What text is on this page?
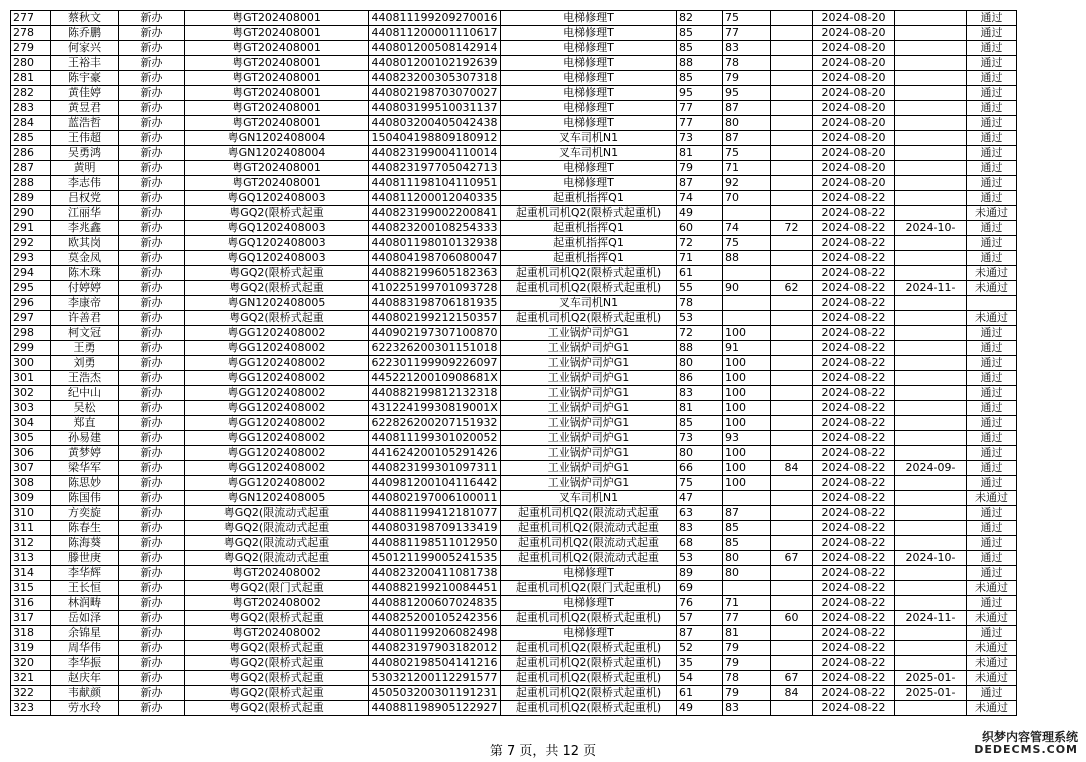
277	蔡秋文	新办	粤GT202408001	440811199209270016	电梯修理T	82	75		2024-08-20		通过
278	陈乔鹏	新办	粤GT202408001	440811200001110617	电梯修理T	85	77		2024-08-20		通过
279	何家兴	新办	粤GT202408001	440801200508142914	电梯修理T	85	83		2024-08-20		通过
280	王裕丰	新办	粤GT202408001	440801200102192639	电梯修理T	88	78		2024-08-20		通过
281	陈宇豪	新办	粤GT202408001	440823200305307318	电梯修理T	85	79		2024-08-20		通过
282	黄佳婷	新办	粤GT202408001	440802198703070027	电梯修理T	95	95		2024-08-20		通过
283	黄昱君	新办	粤GT202408001	440803199510031137	电梯修理T	77	87		2024-08-20		通过
284	蓝浩哲	新办	粤GT202408001	440803200405042438	电梯修理T	77	80		2024-08-20		通过
285	王伟超	新办	粤GN1202408004	150404198809180912	叉车司机N1	73	87		2024-08-20		通过
286	吴勇鸿	新办	粤GN1202408004	440823199004110014	叉车司机N1	81	75		2024-08-20		通过
287	黄明	新办	粤GT202408001	440823197705042713	电梯修理T	79	71		2024-08-20		通过
288	李志伟	新办	粤GT202408001	440811198104110951	电梯修理T	87	92		2024-08-20		通过
289	吕权党	新办	粤GQ1202408003	440811200012040335	起重机指挥Q1	74	70		2024-08-22		通过
290	江丽华	新办	粤GQ2(限桥式起重	440823199002200841	起重机司机Q2(限桥式起重机)	49			2024-08-22		未通过
291	李兆鑫	新办	粤GQ1202408003	440823200108254333	起重机指挥Q1	60	74	72	2024-08-22	2024-10-	通过
292	欧其岗	新办	粤GQ1202408003	440801198010132938	起重机指挥Q1	72	75		2024-08-22		通过
293	莫金凤	新办	粤GQ1202408003	440804198706080047	起重机指挥Q1	71	88		2024-08-22		通过
294	陈木珠	新办	粤GQ2(限桥式起重	440882199605182363	起重机司机Q2(限桥式起重机)	61			2024-08-22		未通过
295	付婷婷	新办	粤GQ2(限桥式起重	410225199701093728	起重机司机Q2(限桥式起重机)	55	90	62	2024-08-22	2024-11-	未通过
296	李康帝	新办	粤GN1202408005	440883198706181935	叉车司机N1	78			2024-08-22		
297	许善君	新办	粤GQ2(限桥式起重	440802199212150357	起重机司机Q2(限桥式起重机)	53			2024-08-22		未通过
298	柯文冠	新办	粤GG1202408002	440902197307100870	工业锅炉司炉G1	72	100		2024-08-22		通过
299	王勇	新办	粤GG1202408002	622326200301151018	工业锅炉司炉G1	88	91		2024-08-22		通过
300	刘勇	新办	粤GG1202408002	622301199909226097	工业锅炉司炉G1	80	100		2024-08-22		通过
301	王浩杰	新办	粤GG1202408002	44522120010908681X	工业锅炉司炉G1	86	100		2024-08-22		通过
302	纪中山	新办	粤GG1202408002	440882199812132318	工业锅炉司炉G1	83	100		2024-08-22		通过
303	吴松	新办	粤GG1202408002	43122419930819001X	工业锅炉司炉G1	81	100		2024-08-22		通过
304	郑直	新办	粤GG1202408002	622826200207151932	工业锅炉司炉G1	85	100		2024-08-22		通过
305	孙易建	新办	粤GG1202408002	440811199301020052	工业锅炉司炉G1	73	93		2024-08-22		通过
306	黄梦婷	新办	粤GG1202408002	441624200105291426	工业锅炉司炉G1	80	100		2024-08-22		通过
307	梁华军	新办	粤GG1202408002	440823199301097311	工业锅炉司炉G1	66	100	84	2024-08-22	2024-09-	通过
308	陈思妙	新办	粤GG1202408002	440981200104116442	工业锅炉司炉G1	75	100		2024-08-22		通过
309	陈国伟	新办	粤GN1202408005	440802197006100011	叉车司机N1	47			2024-08-22		未通过
310	方奕旋	新办	粤GQ2(限流动式起重	440881199412181077	起重机司机Q2(限流动式起重	63	87		2024-08-22		通过
311	陈春生	新办	粤GQ2(限流动式起重	440803198709133419	起重机司机Q2(限流动式起重	83	85		2024-08-22		通过
312	陈海葵	新办	粤GQ2(限流动式起重	440881198511012950	起重机司机Q2(限流动式起重	68	85		2024-08-22		通过
313	滕世庚	新办	粤GQ2(限流动式起重	450121199005241535	起重机司机Q2(限流动式起重	53	80	67	2024-08-22	2024-10-	通过
314	李华辉	新办	粤GT202408002	440823200411081738	电梯修理T	89	80		2024-08-22		通过
315	王长恒	新办	粤GQ2(限门式起重	440882199210084451	起重机司机Q2(限门式起重机)	69			2024-08-22		未通过
316	林润畴	新办	粤GT202408002	440881200607024835	电梯修理T	76	71		2024-08-22		通过
317	岳如泽	新办	粤GQ2(限桥式起重	440825200105242356	起重机司机Q2(限桥式起重机)	57	77	60	2024-08-22	2024-11-	未通过
318	余锦星	新办	粤GT202408002	440801199206082498	电梯修理T	87	81		2024-08-22		通过
319	周华伟	新办	粤GQ2(限桥式起重	440823197903182012	起重机司机Q2(限桥式起重机)	52	79		2024-08-22		未通过
320	李华振	新办	粤GQ2(限桥式起重	440802198504141216	起重机司机Q2(限桥式起重机)	35	79		2024-08-22		未通过
321	赵庆年	新办	粤GQ2(限桥式起重	530321200112291577	起重机司机Q2(限桥式起重机)	54	78	67	2024-08-22	2025-01-	未通过
322	韦献颜	新办	粤GQ2(限桥式起重	450503200301191231	起重机司机Q2(限桥式起重机)	61	79	84	2024-08-22	2025-01-	通过
323	劳水玲	新办	粤GQ2(限桥式起重	440881198905122927	起重机司机Q2(限桥式起重机)	49	83		2024-08-22		未通过
第 7 页，共 12 页
织梦内容管理系统
DEDECMS.COM
